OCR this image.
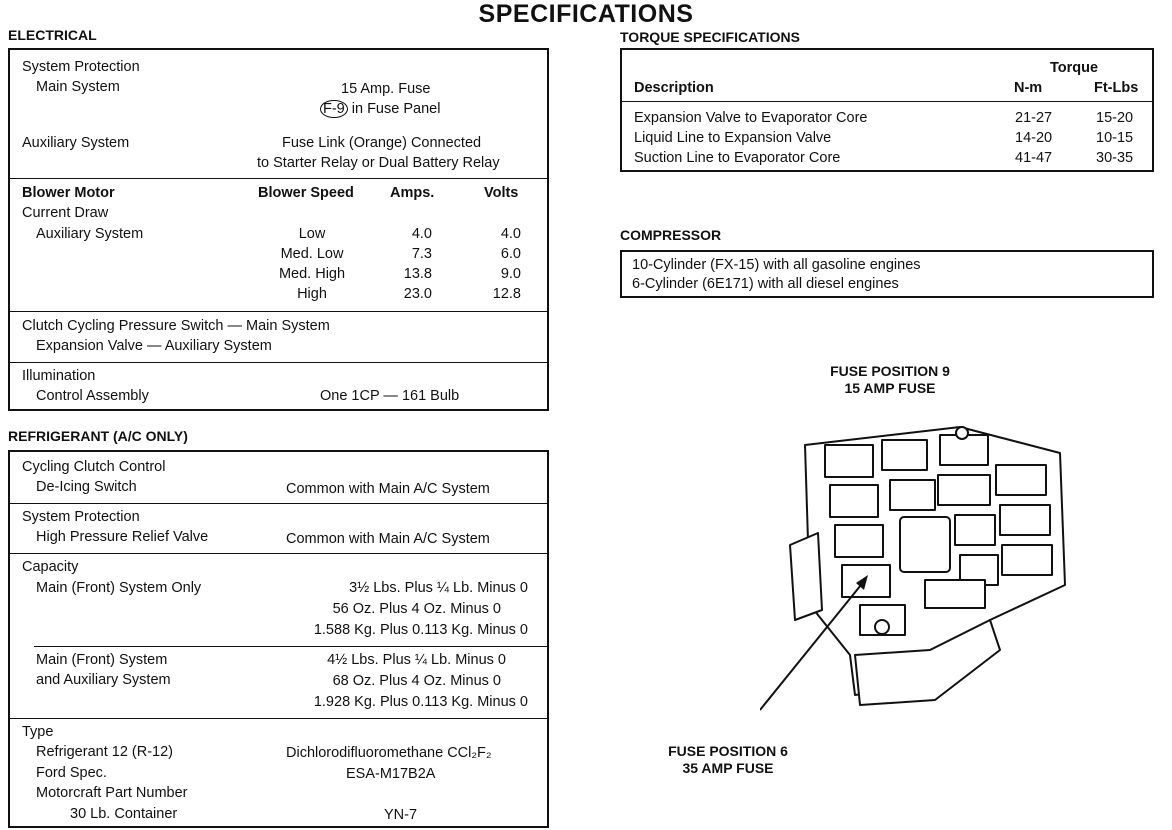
SPECIFICATIONS
ELECTRICAL
System Protection
Main System	15 Amp. Fuse
F-9 in Fuse Panel
Auxiliary System	Fuse Link (Orange) Connected
to Starter Relay or Dual Battery Relay
Blower Motor	Blower Speed Amps.	Volts
Current Draw
Auxiliary System	Low	4.0	4.0
Med. Low	7.3	6.0
Med. High	13.8	9.0
High	23.0	12.8
Clutch Cycling Pressure Switch — Main System
Expansion Valve — Auxiliary System
Illumination
Control Assembly	One 1CP — 161 Bulb
REFRIGERANT (A/C ONLY)
Cycling Clutch Control
De-Icing Switch	Common with Main A/C System
System Protection
High Pressure Relief Valve	Common with Main A/C System
Capacity
Main (Front) System Only	3½ Lbs. Plus ¼ Lb. Minus 0
56 Oz. Plus 4 Oz. Minus 0
1.588 Kg. Plus 0.113 Kg. Minus 0
Main (Front) System
and Auxiliary System
4½ Lbs. Plus ¼ Lb. Minus 0
68 Oz. Plus 4 Oz. Minus 0
1.928 Kg. Plus 0.113 Kg. Minus 0
Type
Refrigerant 12 (R-12)	Dichlorodifluoromethane CCl₂F₂
Ford Spec.	ESA-M17B2A
Motorcraft Part Number
30 Lb. Container	YN-7
TORQUE SPECIFICATIONS
Torque
Description	N-m	Ft-Lbs
Expansion Valve to Evaporator Core	21-27	15-20
Liquid Line to Expansion Valve	14-20	10-15
Suction Line to Evaporator Core	41-47	30-35
COMPRESSOR
10-Cylinder (FX-15) with all gasoline engines
6-Cylinder (6E171) with all diesel engines
FUSE POSITION 9
15 AMP FUSE
FUSE POSITION 6
35 AMP FUSE
